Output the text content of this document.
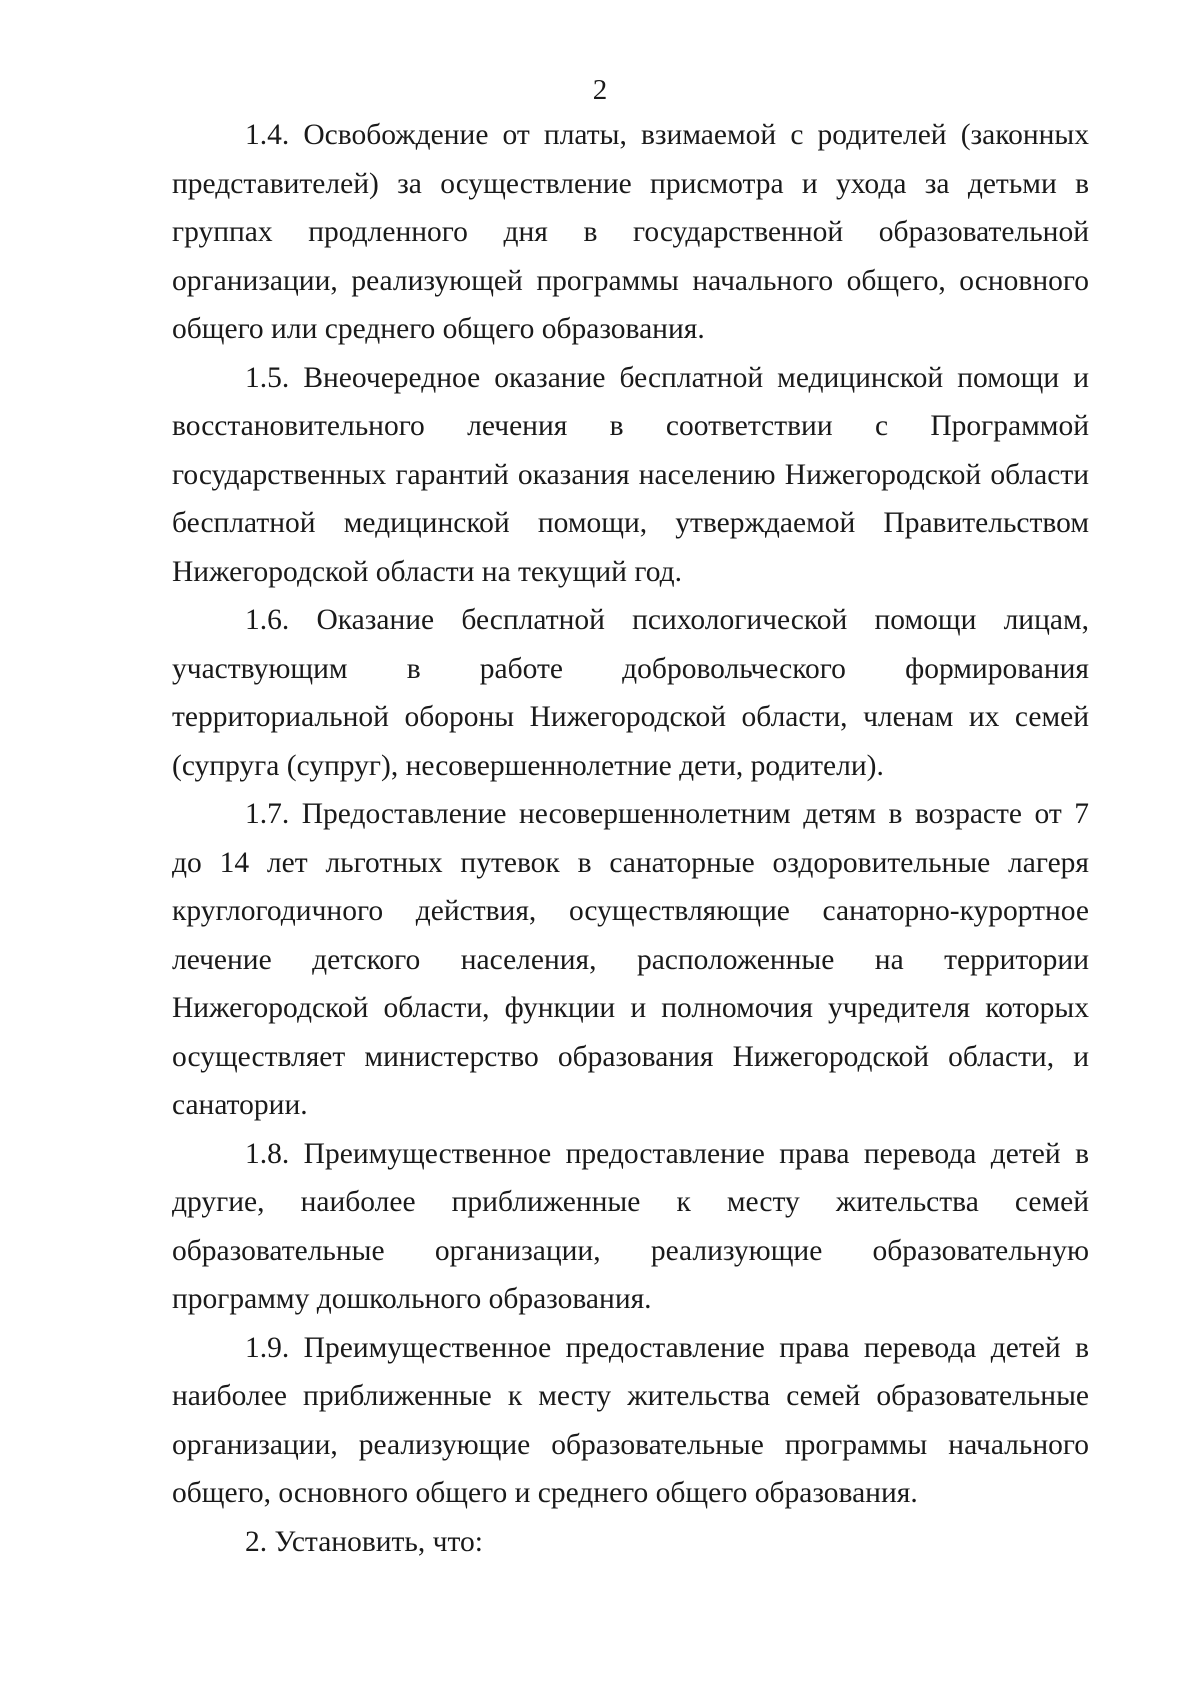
2

1.4. Освобождение от платы, взимаемой с родителей (законных представителей) за осуществление присмотра и ухода за детьми в группах продленного дня в государственной образовательной организации, реализующей программы начального общего, основного общего или среднего общего образования.

1.5. Внеочередное оказание бесплатной медицинской помощи и восстановительного лечения в соответствии с Программой государственных гарантий оказания населению Нижегородской области бесплатной медицинской помощи, утверждаемой Правительством Нижегородской области на текущий год.

1.6. Оказание бесплатной психологической помощи лицам, участвующим в работе добровольческого формирования территориальной обороны Нижегородской области, членам их семей (супруга (супруг), несовершеннолетние дети, родители).

1.7. Предоставление несовершеннолетним детям в возрасте от 7 до 14 лет льготных путевок в санаторные оздоровительные лагеря круглогодичного действия, осуществляющие санаторно-курортное лечение детского населения, расположенные на территории Нижегородской области, функции и полномочия учредителя которых осуществляет министерство образования Нижегородской области, и санатории.

1.8. Преимущественное предоставление права перевода детей в другие, наиболее приближенные к месту жительства семей образовательные организации, реализующие образовательную программу дошкольного образования.

1.9. Преимущественное предоставление права перевода детей в наиболее приближенные к месту жительства семей образовательные организации, реализующие образовательные программы начального общего, основного общего и среднего общего образования.

2. Установить, что:
